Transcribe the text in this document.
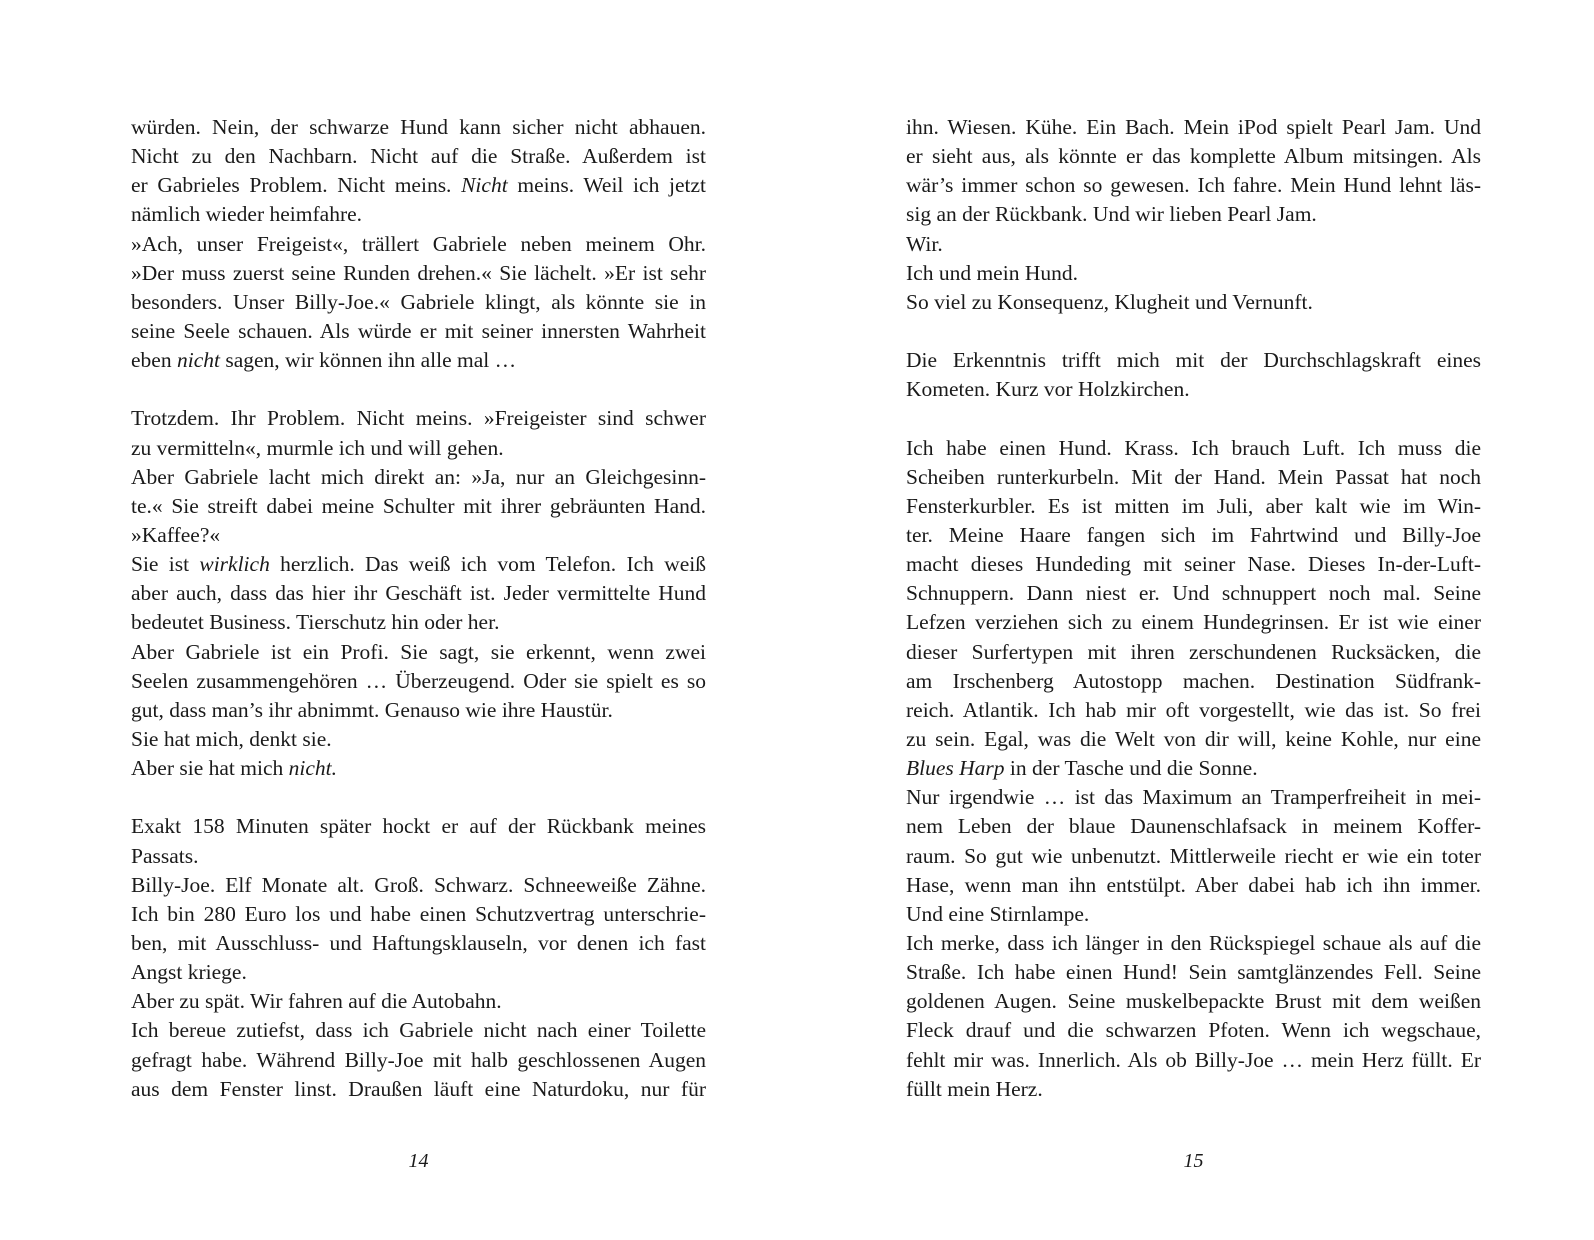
würden. Nein, der schwarze Hund kann sicher nicht abhauen.
Nicht zu den Nachbarn. Nicht auf die Straße. Außerdem ist
er Gabrieles Problem. Nicht meins. Nicht meins. Weil ich jetzt
nämlich wieder heimfahre.
»Ach, unser Freigeist«, trällert Gabriele neben meinem Ohr.
»Der muss zuerst seine Runden drehen.« Sie lächelt. »Er ist sehr
besonders. Unser Billy-Joe.« Gabriele klingt, als könnte sie in
seine Seele schauen. Als würde er mit seiner innersten Wahrheit
eben nicht sagen, wir können ihn alle mal …
Trotzdem. Ihr Problem. Nicht meins. »Freigeister sind schwer
zu vermitteln«, murmle ich und will gehen.
Aber Gabriele lacht mich direkt an: »Ja, nur an Gleichgesinn-
te.« Sie streift dabei meine Schulter mit ihrer gebräunten Hand.
»Kaffee?«
Sie ist wirklich herzlich. Das weiß ich vom Telefon. Ich weiß
aber auch, dass das hier ihr Geschäft ist. Jeder vermittelte Hund
bedeutet Business. Tierschutz hin oder her.
Aber Gabriele ist ein Profi. Sie sagt, sie erkennt, wenn zwei
Seelen zusammengehören … Überzeugend. Oder sie spielt es so
gut, dass man’s ihr abnimmt. Genauso wie ihre Haustür.
Sie hat mich, denkt sie.
Aber sie hat mich nicht.
Exakt 158 Minuten später hockt er auf der Rückbank meines
Passats.
Billy-Joe. Elf Monate alt. Groß. Schwarz. Schneeweiße Zähne.
Ich bin 280 Euro los und habe einen Schutzvertrag unterschrie-
ben, mit Ausschluss- und Haftungsklauseln, vor denen ich fast
Angst kriege.
Aber zu spät. Wir fahren auf die Autobahn.
Ich bereue zutiefst, dass ich Gabriele nicht nach einer Toilette
gefragt habe. Während Billy-Joe mit halb geschlossenen Augen
aus dem Fenster linst. Draußen läuft eine Naturdoku, nur für
ihn. Wiesen. Kühe. Ein Bach. Mein iPod spielt Pearl Jam. Und
er sieht aus, als könnte er das komplette Album mitsingen. Als
wär’s immer schon so gewesen. Ich fahre. Mein Hund lehnt läs-
sig an der Rückbank. Und wir lieben Pearl Jam.
Wir.
Ich und mein Hund.
So viel zu Konsequenz, Klugheit und Vernunft.
Die Erkenntnis trifft mich mit der Durchschlagskraft eines
Kometen. Kurz vor Holzkirchen.
Ich habe einen Hund. Krass. Ich brauch Luft. Ich muss die
Scheiben runterkurbeln. Mit der Hand. Mein Passat hat noch
Fensterkurbler. Es ist mitten im Juli, aber kalt wie im Win-
ter. Meine Haare fangen sich im Fahrtwind und Billy-Joe
macht dieses Hundeding mit seiner Nase. Dieses In-der-Luft-
Schnuppern. Dann niest er. Und schnuppert noch mal. Seine
Lefzen verziehen sich zu einem Hundegrinsen. Er ist wie einer
dieser Surfertypen mit ihren zerschundenen Rucksäcken, die
am Irschenberg Autostopp machen. Destination Südfrank-
reich. Atlantik. Ich hab mir oft vorgestellt, wie das ist. So frei
zu sein. Egal, was die Welt von dir will, keine Kohle, nur eine
Blues Harp in der Tasche und die Sonne.
Nur irgendwie … ist das Maximum an Tramperfreiheit in mei-
nem Leben der blaue Daunenschlafsack in meinem Koffer-
raum. So gut wie unbenutzt. Mittlerweile riecht er wie ein toter
Hase, wenn man ihn entstülpt. Aber dabei hab ich ihn immer.
Und eine Stirnlampe.
Ich merke, dass ich länger in den Rückspiegel schaue als auf die
Straße. Ich habe einen Hund! Sein samtglänzendes Fell. Seine
goldenen Augen. Seine muskelbepackte Brust mit dem weißen
Fleck drauf und die schwarzen Pfoten. Wenn ich wegschaue,
fehlt mir was. Innerlich. Als ob Billy-Joe … mein Herz füllt. Er
füllt mein Herz.
14	15
